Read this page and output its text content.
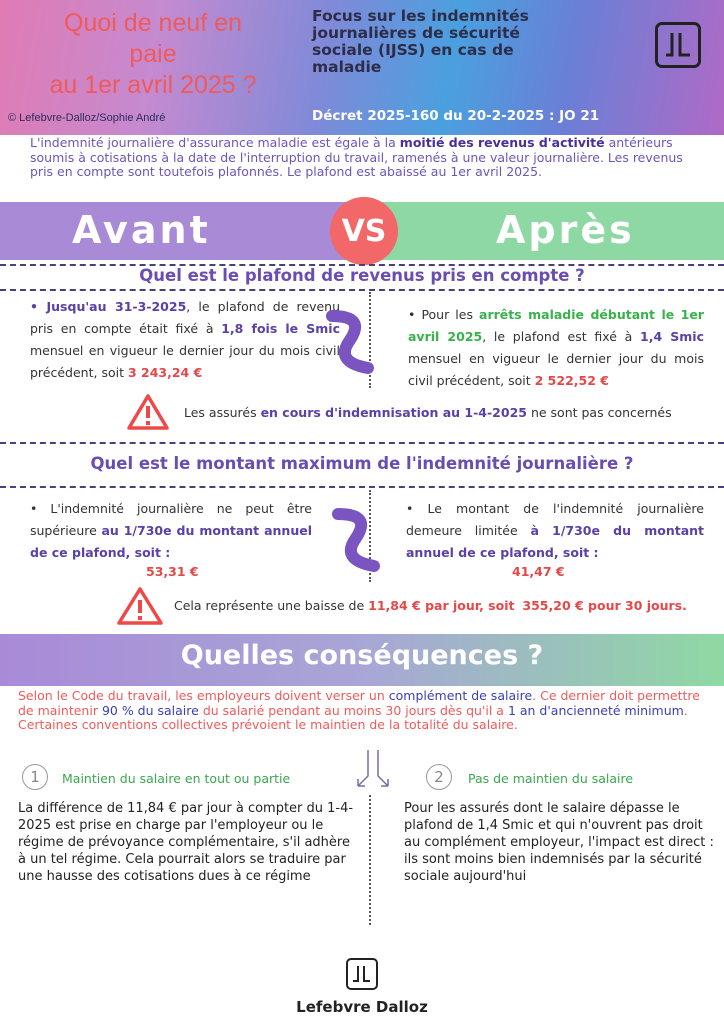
Quoi de neuf en
paie
au 1er avril 2025 ?
© Lefebvre-Dalloz/Sophie André
Focus sur les indemnités
journalières de sécurité
sociale (IJSS) en cas de
maladie
Décret 2025-160 du 20-2-2025 : JO 21
L'indemnité journalière d'assurance maladie est égale à la moitié des revenus d'activité antérieurs soumis à cotisations à la date de l'interruption du travail, ramenés à une valeur journalière. Les revenus pris en compte sont toutefois plafonnés. Le plafond est abaissé au 1er avril 2025.
Avant	Après
VS
Quel est le plafond de revenus pris en compte ?
• Jusqu'au 31-3-2025, le plafond de revenu pris en compte était fixé à 1,8 fois le Smic mensuel en vigueur le dernier jour du mois civil précédent, soit 3 243,24 €
• Pour les arrêts maladie débutant le 1er avril 2025, le plafond est fixé à 1,4 Smic mensuel en vigueur le dernier jour du mois civil précédent, soit 2 522,52 €
Les assurés en cours d'indemnisation au 1-4-2025 ne sont pas concernés
Quel est le montant maximum de l'indemnité journalière ?
• L'indemnité journalière ne peut être supérieure au 1/730e du montant annuel de ce plafond, soit :
53,31 €
• Le montant de l'indemnité journalière demeure limitée à 1/730e du montant annuel de ce plafond, soit :
41,47 €
Cela représente une baisse de 11,84 € par jour, soit 355,20 € pour 30 jours.
Quelles conséquences ?
Selon le Code du travail, les employeurs doivent verser un complément de salaire. Ce dernier doit permettre de maintenir 90 % du salaire du salarié pendant au moins 30 jours dès qu'il a 1 an d'ancienneté minimum. Certaines conventions collectives prévoient le maintien de la totalité du salaire.
1	Maintien du salaire en tout ou partie	2	Pas de maintien du salaire
La différence de 11,84 € par jour à compter du 1-4-2025 est prise en charge par l'employeur ou le régime de prévoyance complémentaire, s'il adhère à un tel régime. Cela pourrait alors se traduire par une hausse des cotisations dues à ce régime
Pour les assurés dont le salaire dépasse le plafond de 1,4 Smic et qui n'ouvrent pas droit au complément employeur, l'impact est direct : ils sont moins bien indemnisés par la sécurité sociale aujourd'hui
Lefebvre Dalloz
